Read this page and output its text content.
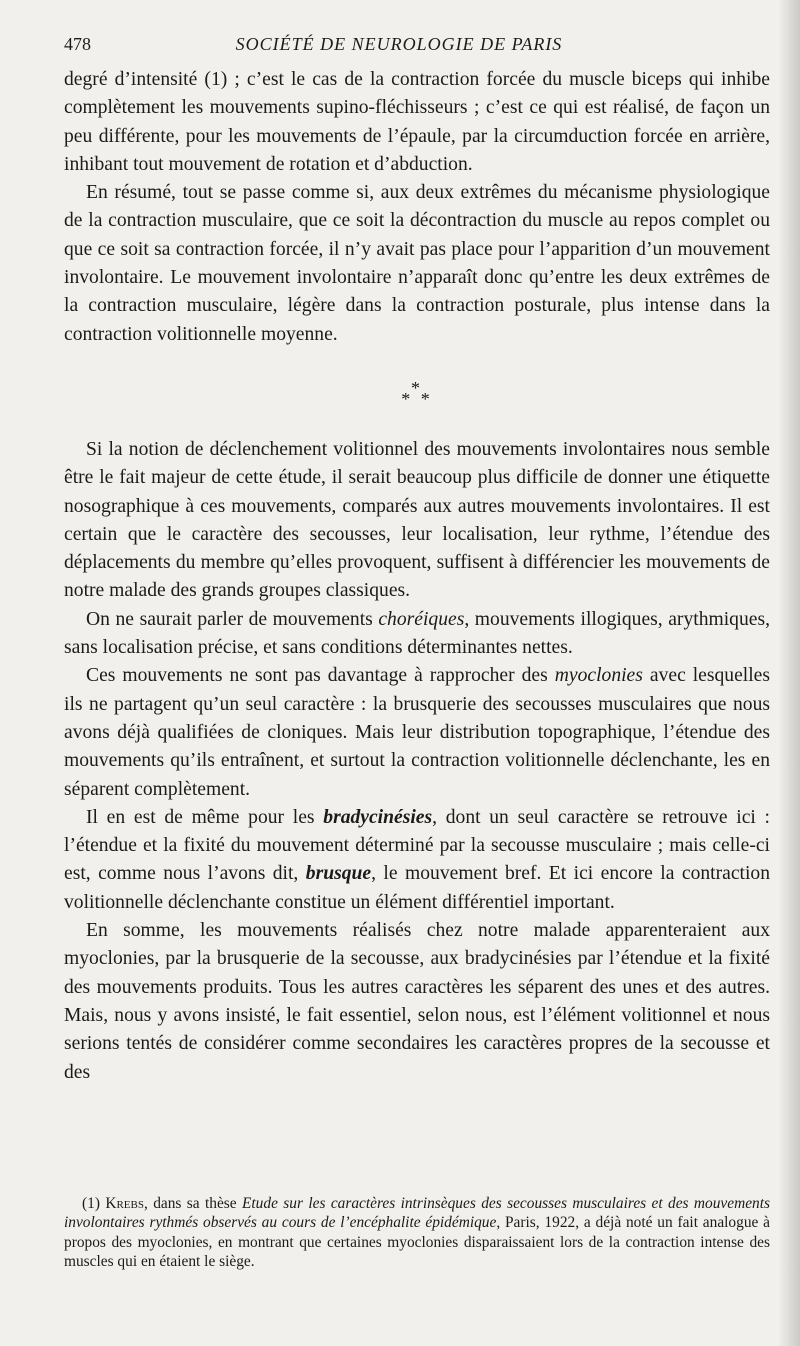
478	SOCIÉTÉ DE NEUROLOGIE DE PARIS

degré d’intensité (1) ; c’est le cas de la contraction forcée du muscle biceps qui inhibe complètement les mouvements supino-fléchisseurs ; c’est ce qui est réalisé, de façon un peu différente, pour les mouvements de l’épaule, par la circumduction forcée en arrière, inhibant tout mouvement de rotation et d’abduction.

En résumé, tout se passe comme si, aux deux extrêmes du mécanisme physiologique de la contraction musculaire, que ce soit la décontraction du muscle au repos complet ou que ce soit sa contraction forcée, il n’y avait pas place pour l’apparition d’un mouvement involontaire. Le mouvement involontaire n’apparaît donc qu’entre les deux extrêmes de la contraction musculaire, légère dans la contraction posturale, plus intense dans la contraction volitionnelle moyenne.

*
* *

Si la notion de déclenchement volitionnel des mouvements involontaires nous semble être le fait majeur de cette étude, il serait beaucoup plus difficile de donner une étiquette nosographique à ces mouvements, comparés aux autres mouvements involontaires. Il est certain que le caractère des secousses, leur localisation, leur rythme, l’étendue des déplacements du membre qu’elles provoquent, suffisent à différencier les mouvements de notre malade des grands groupes classiques.

On ne saurait parler de mouvements choréiques, mouvements illogiques, arythmiques, sans localisation précise, et sans conditions déterminantes nettes.

Ces mouvements ne sont pas davantage à rapprocher des myoclonies avec lesquelles ils ne partagent qu’un seul caractère : la brusquerie des secousses musculaires que nous avons déjà qualifiées de cloniques. Mais leur distribution topographique, l’étendue des mouvements qu’ils entraînent, et surtout la contraction volitionnelle déclenchante, les en séparent complètement.

Il en est de même pour les bradycinésies, dont un seul caractère se retrouve ici : l’étendue et la fixité du mouvement déterminé par la secousse musculaire ; mais celle-ci est, comme nous l’avons dit, brusque, le mouvement bref. Et ici encore la contraction volitionnelle déclenchante constitue un élément différentiel important.

En somme, les mouvements réalisés chez notre malade apparenteraient aux myoclonies, par la brusquerie de la secousse, aux bradycinésies par l’étendue et la fixité des mouvements produits. Tous les autres caractères les séparent des unes et des autres. Mais, nous y avons insisté, le fait essentiel, selon nous, est l’élément volitionnel et nous serions tentés de considérer comme secondaires les caractères propres de la secousse et des

(1) Krebs, dans sa thèse Etude sur les caractères intrinsèques des secousses musculaires et des mouvements involontaires rythmés observés au cours de l’encéphalite épidémique, Paris, 1922, a déjà noté un fait analogue à propos des myoclonies, en montrant que certaines myoclonies disparaissaient lors de la contraction intense des muscles qui en étaient le siège.
